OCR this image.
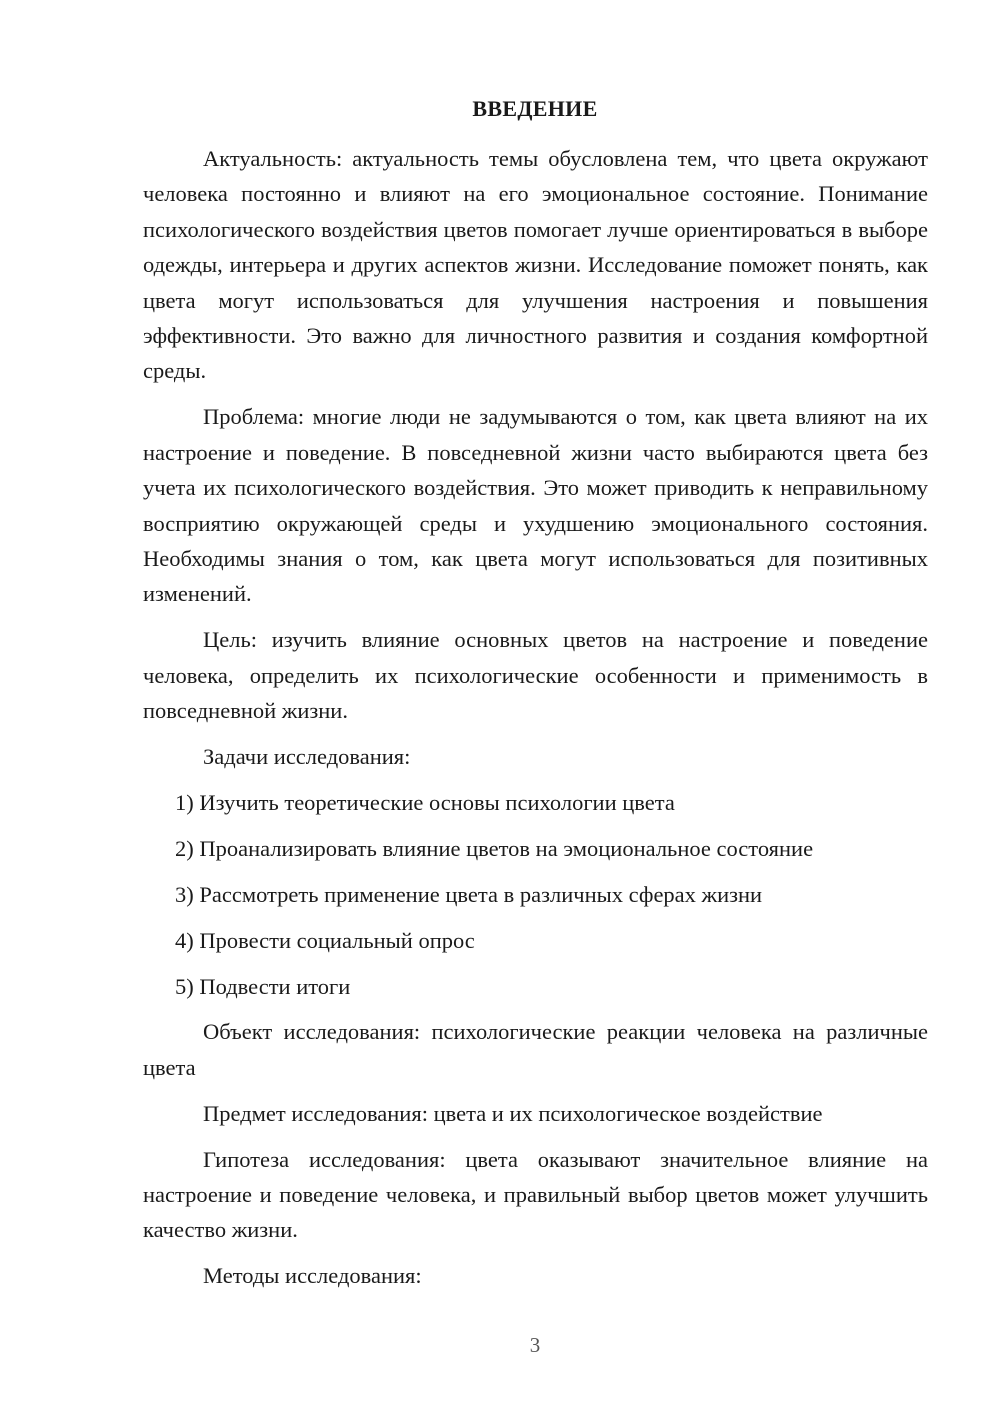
ВВЕДЕНИЕ

Актуальность: актуальность темы обусловлена тем, что цвета окружают человека постоянно и влияют на его эмоциональное состояние. Понимание психологического воздействия цветов помогает лучше ориентироваться в выборе одежды, интерьера и других аспектов жизни. Исследование поможет понять, как цвета могут использоваться для улучшения настроения и повышения эффективности. Это важно для личностного развития и создания комфортной среды.

Проблема: многие люди не задумываются о том, как цвета влияют на их настроение и поведение. В повседневной жизни часто выбираются цвета без учета их психологического воздействия. Это может приводить к неправильному восприятию окружающей среды и ухудшению эмоционального состояния. Необходимы знания о том, как цвета могут использоваться для позитивных изменений.

Цель: изучить влияние основных цветов на настроение и поведение человека, определить их психологические особенности и применимость в повседневной жизни.

Задачи исследования:

1) Изучить теоретические основы психологии цвета
2) Проанализировать влияние цветов на эмоциональное состояние
3) Рассмотреть применение цвета в различных сферах жизни
4) Провести социальный опрос
5) Подвести итоги

Объект исследования: психологические реакции человека на различные цвета

Предмет исследования: цвета и их психологическое воздействие

Гипотеза исследования: цвета оказывают значительное влияние на настроение и поведение человека, и правильный выбор цветов может улучшить качество жизни.

Методы исследования:

3
